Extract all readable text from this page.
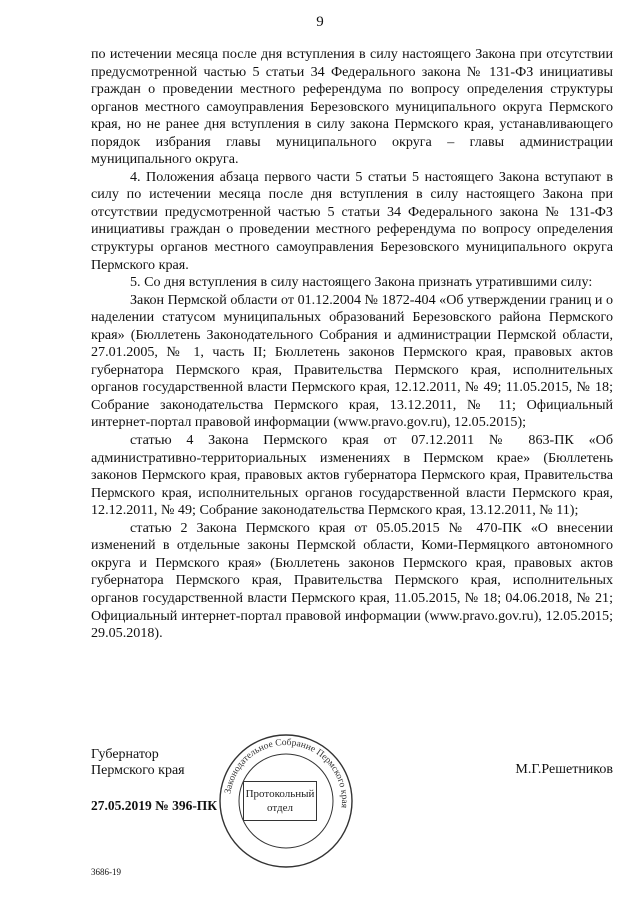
9

по истечении месяца после дня вступления в силу настоящего Закона при отсутствии предусмотренной частью 5 статьи 34 Федерального закона № 131-ФЗ инициативы граждан о проведении местного референдума по вопросу определения структуры органов местного самоуправления Березовского муниципального округа Пермского края, но не ранее дня вступления в силу закона Пермского края, устанавливающего порядок избрания главы муниципального округа – главы администрации муниципального округа.

4. Положения абзаца первого части 5 статьи 5 настоящего Закона вступают в силу по истечении месяца после дня вступления в силу настоящего Закона при отсутствии предусмотренной частью 5 статьи 34 Федерального закона № 131-ФЗ инициативы граждан о проведении местного референдума по вопросу определения структуры органов местного самоуправления Березовского муниципального округа Пермского края.

5. Со дня вступления в силу настоящего Закона признать утратившими силу:

Закон Пермской области от 01.12.2004 № 1872-404 «Об утверждении границ и о наделении статусом муниципальных образований Березовского района Пермского края» (Бюллетень Законодательного Собрания и администрации Пермской области, 27.01.2005, № 1, часть II; Бюллетень законов Пермского края, правовых актов губернатора Пермского края, Правительства Пермского края, исполнительных органов государственной власти Пермского края, 12.12.2011, № 49; 11.05.2015, № 18; Собрание законодательства Пермского края, 13.12.2011, № 11; Официальный интернет-портал правовой информации (www.pravo.gov.ru), 12.05.2015);

статью 4 Закона Пермского края от 07.12.2011 № 863-ПК «Об административно-территориальных изменениях в Пермском крае» (Бюллетень законов Пермского края, правовых актов губернатора Пермского края, Правительства Пермского края, исполнительных органов государственной власти Пермского края, 12.12.2011, № 49; Собрание законодательства Пермского края, 13.12.2011, № 11);

статью 2 Закона Пермского края от 05.05.2015 № 470-ПК «О внесении изменений в отдельные законы Пермской области, Коми-Пермяцкого автономного округа и Пермского края» (Бюллетень законов Пермского края, правовых актов губернатора Пермского края, Правительства Пермского края, исполнительных органов государственной власти Пермского края, 11.05.2015, № 18; 04.06.2018, № 21; Официальный интернет-портал правовой информации (www.pravo.gov.ru), 12.05.2015; 29.05.2018).

Губернатор
Пермского края	М.Г.Решетников
27.05.2019 № 396-ПК
3686-19
Законодательное Собрание Пермского края
Протокольный
отдел
